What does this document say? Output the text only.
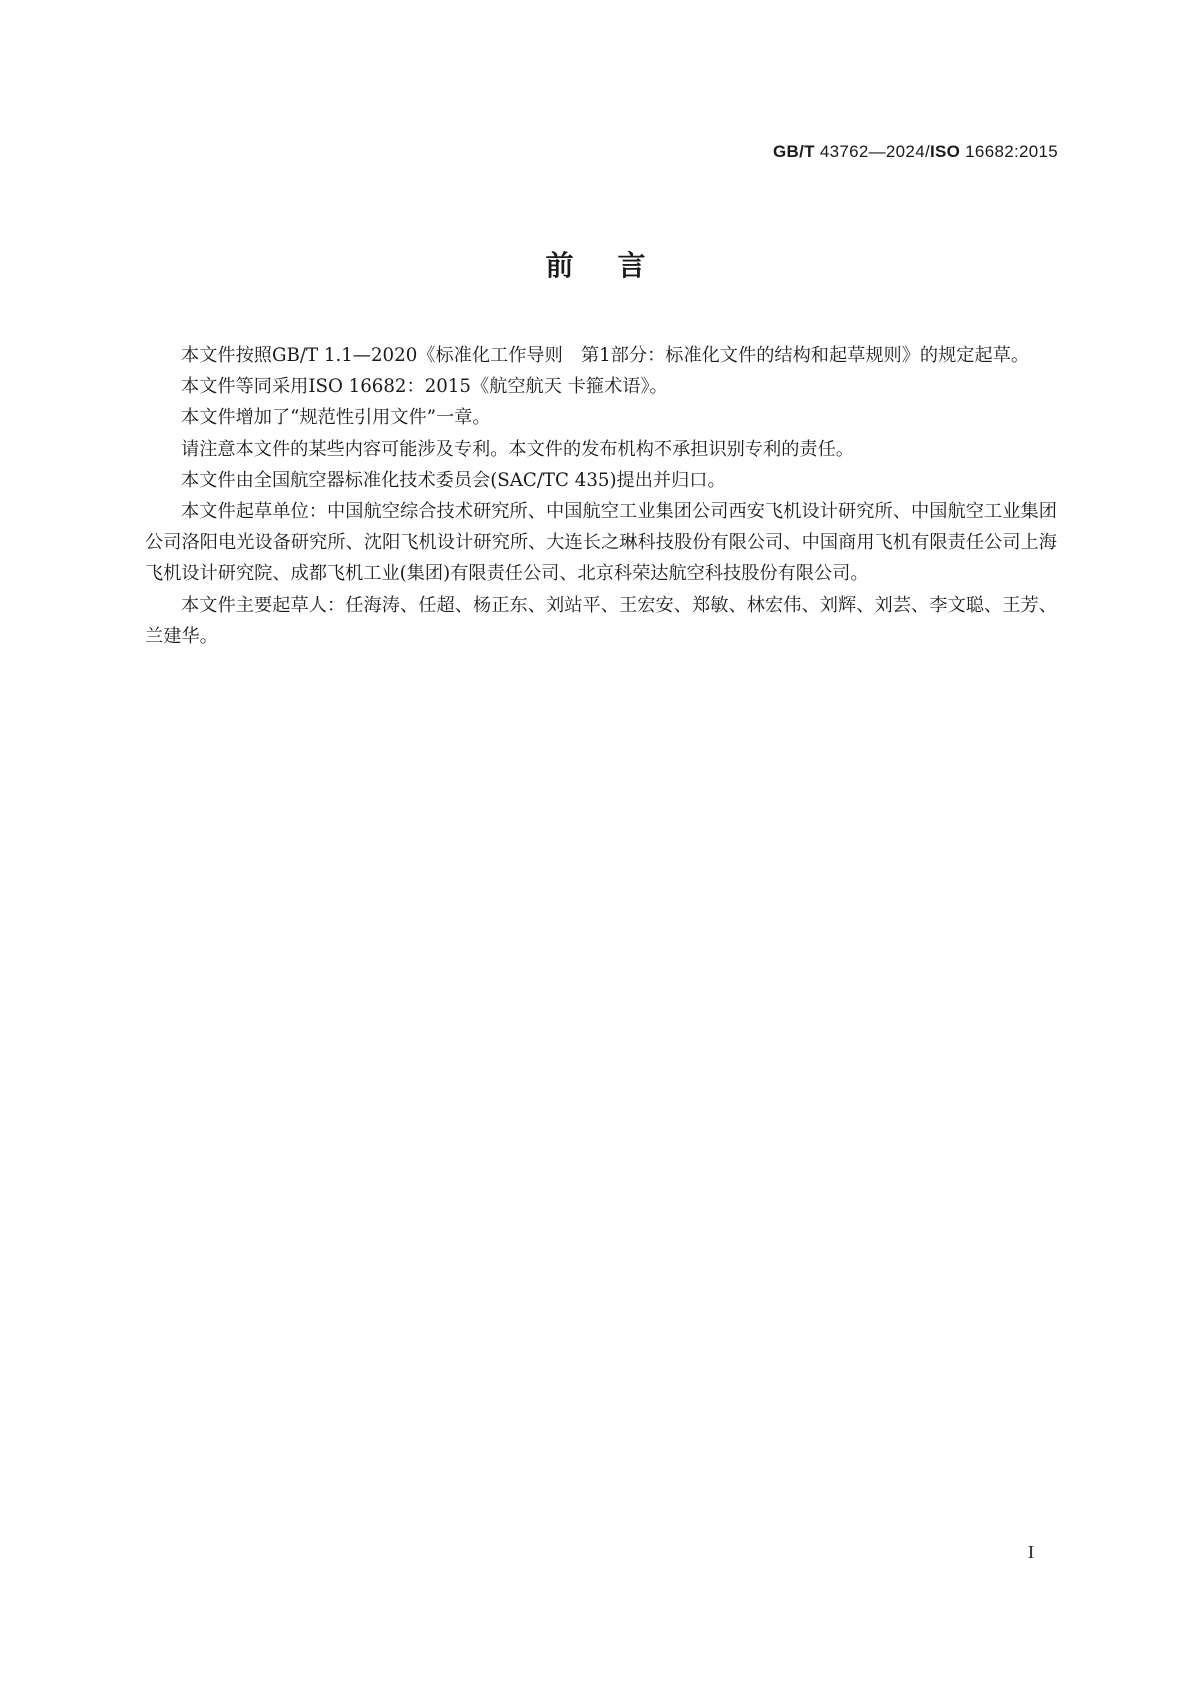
GB/T 43762—2024/ISO 16682:2015
前言

本文件按照GB/T 1.1—2020《标准化工作导则　第1部分：标准化文件的结构和起草规则》的规定起草。

本文件等同采用ISO 16682：2015《航空航天 卡箍术语》。

本文件增加了“规范性引用文件”一章。

请注意本文件的某些内容可能涉及专利。本文件的发布机构不承担识别专利的责任。

本文件由全国航空器标准化技术委员会(SAC/TC 435)提出并归口。

本文件起草单位：中国航空综合技术研究所、中国航空工业集团公司西安飞机设计研究所、中国航空工业集团公司洛阳电光设备研究所、沈阳飞机设计研究所、大连长之琳科技股份有限公司、中国商用飞机有限责任公司上海飞机设计研究院、成都飞机工业(集团)有限责任公司、北京科荣达航空科技股份有限公司。

本文件主要起草人：任海涛、任超、杨正东、刘站平、王宏安、郑敏、林宏伟、刘辉、刘芸、李文聪、王芳、兰建华。

I
